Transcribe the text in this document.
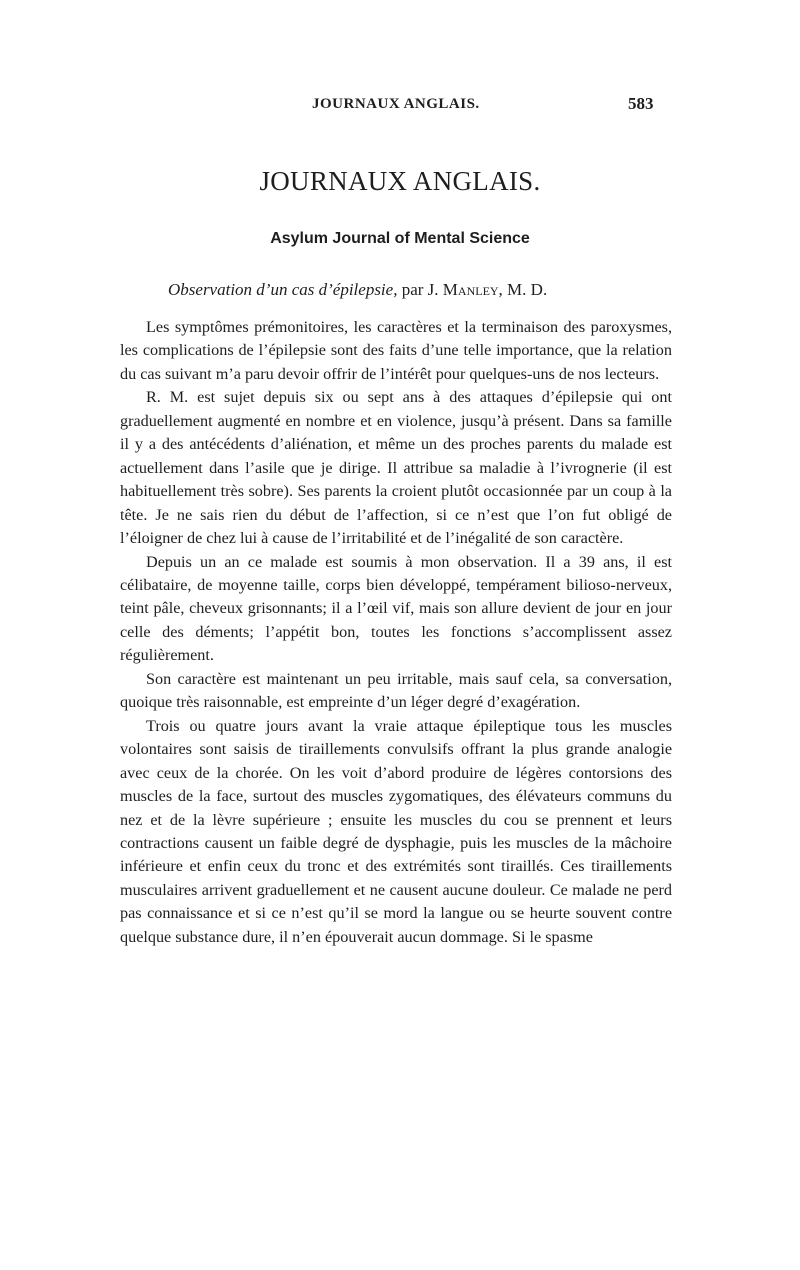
JOURNAUX ANGLAIS.	583
JOURNAUX ANGLAIS.
Asylum Journal of Mental Science
Observation d’un cas d’épilepsie, par J. Manley, M. D.

Les symptômes prémonitoires, les caractères et la terminaison des paroxysmes, les complications de l’épilepsie sont des faits d’une telle importance, que la relation du cas suivant m’a paru devoir offrir de l’intérêt pour quelques-uns de nos lecteurs.

R. M. est sujet depuis six ou sept ans à des attaques d’épilepsie qui ont graduellement augmenté en nombre et en violence, jusqu’à présent. Dans sa famille il y a des antécédents d’aliénation, et même un des proches parents du malade est actuellement dans l’asile que je dirige. Il attribue sa maladie à l’ivrognerie (il est habituellement très sobre). Ses parents la croient plutôt occasionnée par un coup à la tête. Je ne sais rien du début de l’affection, si ce n’est que l’on fut obligé de l’éloigner de chez lui à cause de l’irritabilité et de l’inégalité de son caractère.

Depuis un an ce malade est soumis à mon observation. Il a 39 ans, il est célibataire, de moyenne taille, corps bien développé, tempérament bilioso-nerveux, teint pâle, cheveux grisonnants; il a l’œil vif, mais son allure devient de jour en jour celle des déments; l’appétit bon, toutes les fonctions s’accomplissent assez régulièrement.

Son caractère est maintenant un peu irritable, mais sauf cela, sa conversation, quoique très raisonnable, est empreinte d’un léger degré d’exagération.

Trois ou quatre jours avant la vraie attaque épileptique tous les muscles volontaires sont saisis de tiraillements convulsifs offrant la plus grande analogie avec ceux de la chorée. On les voit d’abord produire de légères contorsions des muscles de la face, surtout des muscles zygomatiques, des élévateurs communs du nez et de la lèvre supérieure ; ensuite les muscles du cou se prennent et leurs contractions causent un faible degré de dysphagie, puis les muscles de la mâchoire inférieure et enfin ceux du tronc et des extrémités sont tiraillés. Ces tiraillements musculaires arrivent graduellement et ne causent aucune douleur. Ce malade ne perd pas connaissance et si ce n’est qu’il se mord la langue ou se heurte souvent contre quelque substance dure, il n’en épouverait aucun dommage. Si le spasme
